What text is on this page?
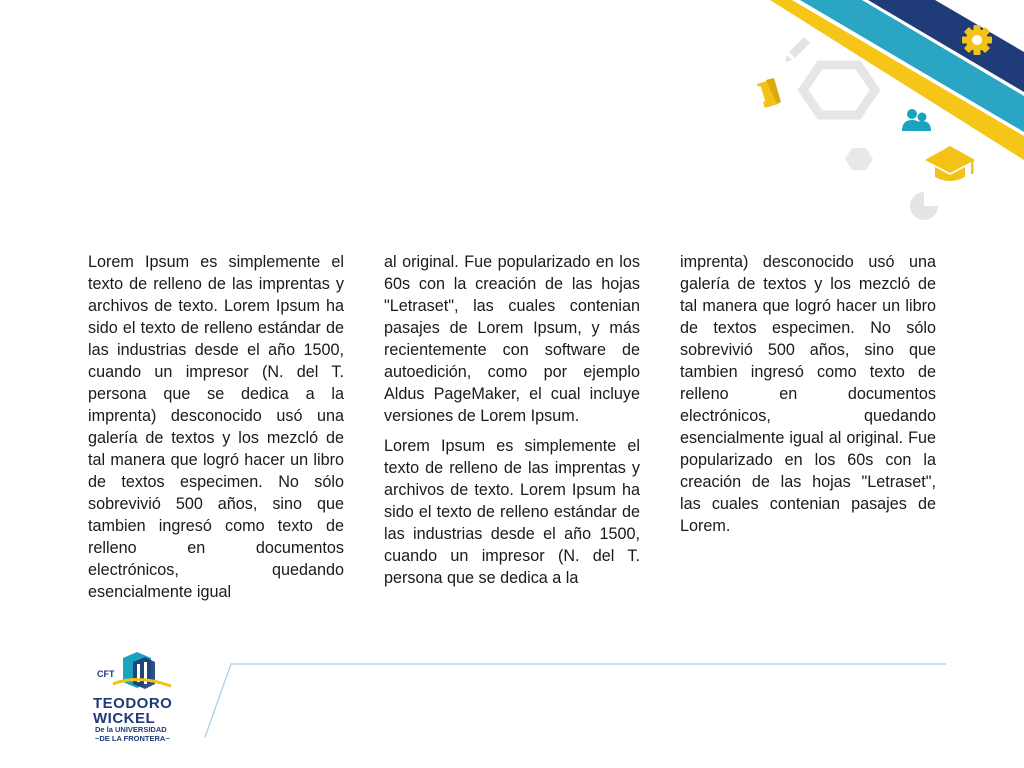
Lorem Ipsum es simplemente el texto de relleno de las imprentas y archivos de texto. Lorem Ipsum ha sido el texto de relleno estándar de las industrias desde el año 1500, cuando un impresor (N. del T. persona que se dedica a la imprenta) desconocido usó una galería de textos y los mezcló de tal manera que logró hacer un libro de textos especimen. No sólo sobrevivió 500 años, sino que tambien ingresó como texto de relleno en documentos electrónicos, quedando esencialmente igual

al original. Fue popularizado en los 60s con la creación de las hojas "Letraset", las cuales contenian pasajes de Lorem Ipsum, y más recientemente con software de autoedición, como por ejemplo Aldus PageMaker, el cual incluye versiones de Lorem Ipsum.

Lorem Ipsum es simplemente el texto de relleno de las imprentas y archivos de texto. Lorem Ipsum ha sido el texto de relleno estándar de las industrias desde el año 1500, cuando un impresor (N. del T. persona que se dedica a la

imprenta) desconocido usó una galería de textos y los mezcló de tal manera que logró hacer un libro de textos especimen. No sólo sobrevivió 500 años, sino que tambien ingresó como texto de relleno en documentos electrónicos, quedando esencialmente igual al original. Fue popularizado en los 60s con la creación de las hojas "Letraset", las cuales contenian pasajes de Lorem.

CFT
TEODORO
WICKEL
De la UNIVERSIDAD
~DE LA FRONTERA~
